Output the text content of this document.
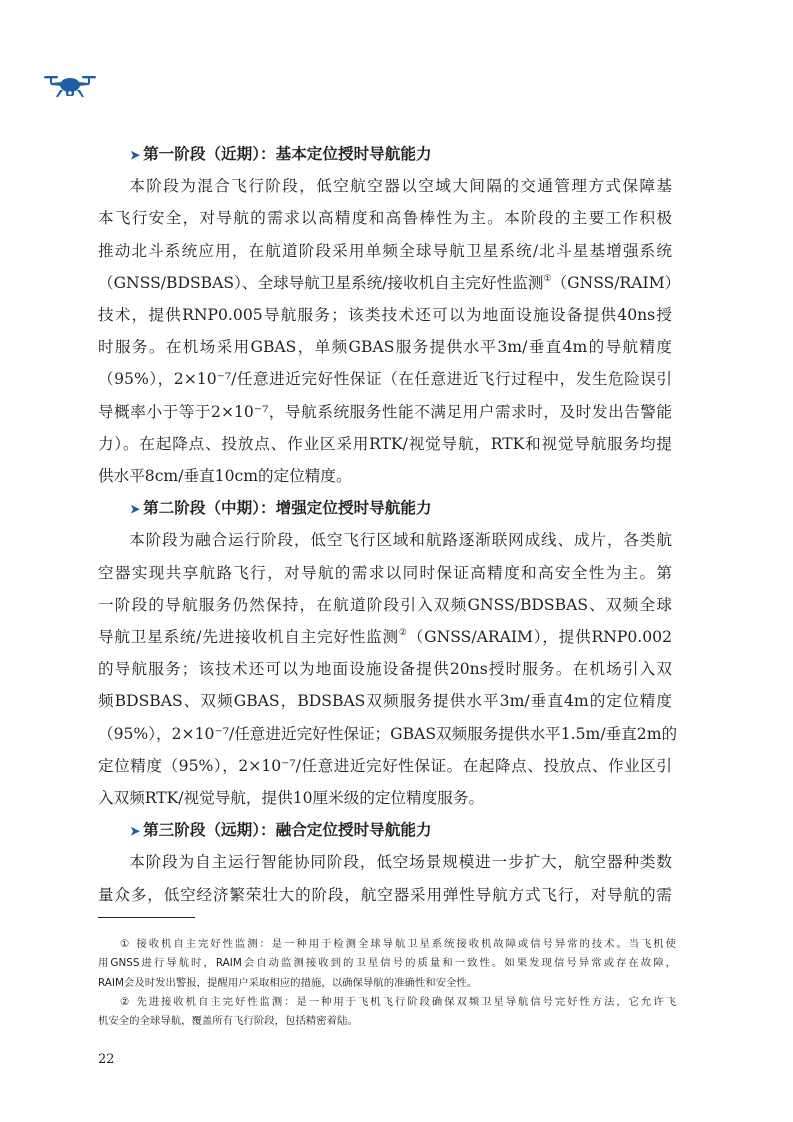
➤ 第一阶段（近期）：基本定位授时导航能力
本阶段为混合飞行阶段，低空航空器以空域大间隔的交通管理方式保障基
本飞行安全，对导航的需求以高精度和高鲁棒性为主。本阶段的主要工作积极
推动北斗系统应用，在航道阶段采用单频全球导航卫星系统/北斗星基增强系统
（GNSS/BDSBAS）、全球导航卫星系统/接收机自主完好性监测①（GNSS/RAIM）
技术，提供RNP0.005导航服务；该类技术还可以为地面设施设备提供40ns授
时服务。在机场采用GBAS，单频GBAS服务提供水平3m/垂直4m的导航精度
（95%），2×10⁻⁷/任意进近完好性保证（在任意进近飞行过程中，发生危险误引
导概率小于等于2×10⁻⁷，导航系统服务性能不满足用户需求时，及时发出告警能
力）。在起降点、投放点、作业区采用RTK/视觉导航，RTK和视觉导航服务均提
供水平8cm/垂直10cm的定位精度。
➤ 第二阶段（中期）：增强定位授时导航能力
本阶段为融合运行阶段，低空飞行区域和航路逐渐联网成线、成片，各类航
空器实现共享航路飞行，对导航的需求以同时保证高精度和高安全性为主。第
一阶段的导航服务仍然保持，在航道阶段引入双频GNSS/BDSBAS、双频全球
导航卫星系统/先进接收机自主完好性监测②（GNSS/ARAIM），提供RNP0.002
的导航服务；该技术还可以为地面设施设备提供20ns授时服务。在机场引入双
频BDSBAS、双频GBAS，BDSBAS双频服务提供水平3m/垂直4m的定位精度
（95%），2×10⁻⁷/任意进近完好性保证；GBAS双频服务提供水平1.5m/垂直2m的
定位精度（95%），2×10⁻⁷/任意进近完好性保证。在起降点、投放点、作业区引
入双频RTK/视觉导航，提供10厘米级的定位精度服务。
➤ 第三阶段（远期）：融合定位授时导航能力
本阶段为自主运行智能协同阶段，低空场景规模进一步扩大，航空器种类数
量众多，低空经济繁荣壮大的阶段，航空器采用弹性导航方式飞行，对导航的需
① 接收机自主完好性监测：是一种用于检测全球导航卫星系统接收机故障或信号异常的技术。当飞机使
用GNSS进行导航时，RAIM会自动监测接收到的卫星信号的质量和一致性。如果发现信号异常或存在故障，
RAIM会及时发出警报，提醒用户采取相应的措施，以确保导航的准确性和安全性。
② 先进接收机自主完好性监测：是一种用于飞机飞行阶段确保双频卫星导航信号完好性方法，它允许飞
机安全的全球导航，覆盖所有飞行阶段，包括精密着陆。
22
